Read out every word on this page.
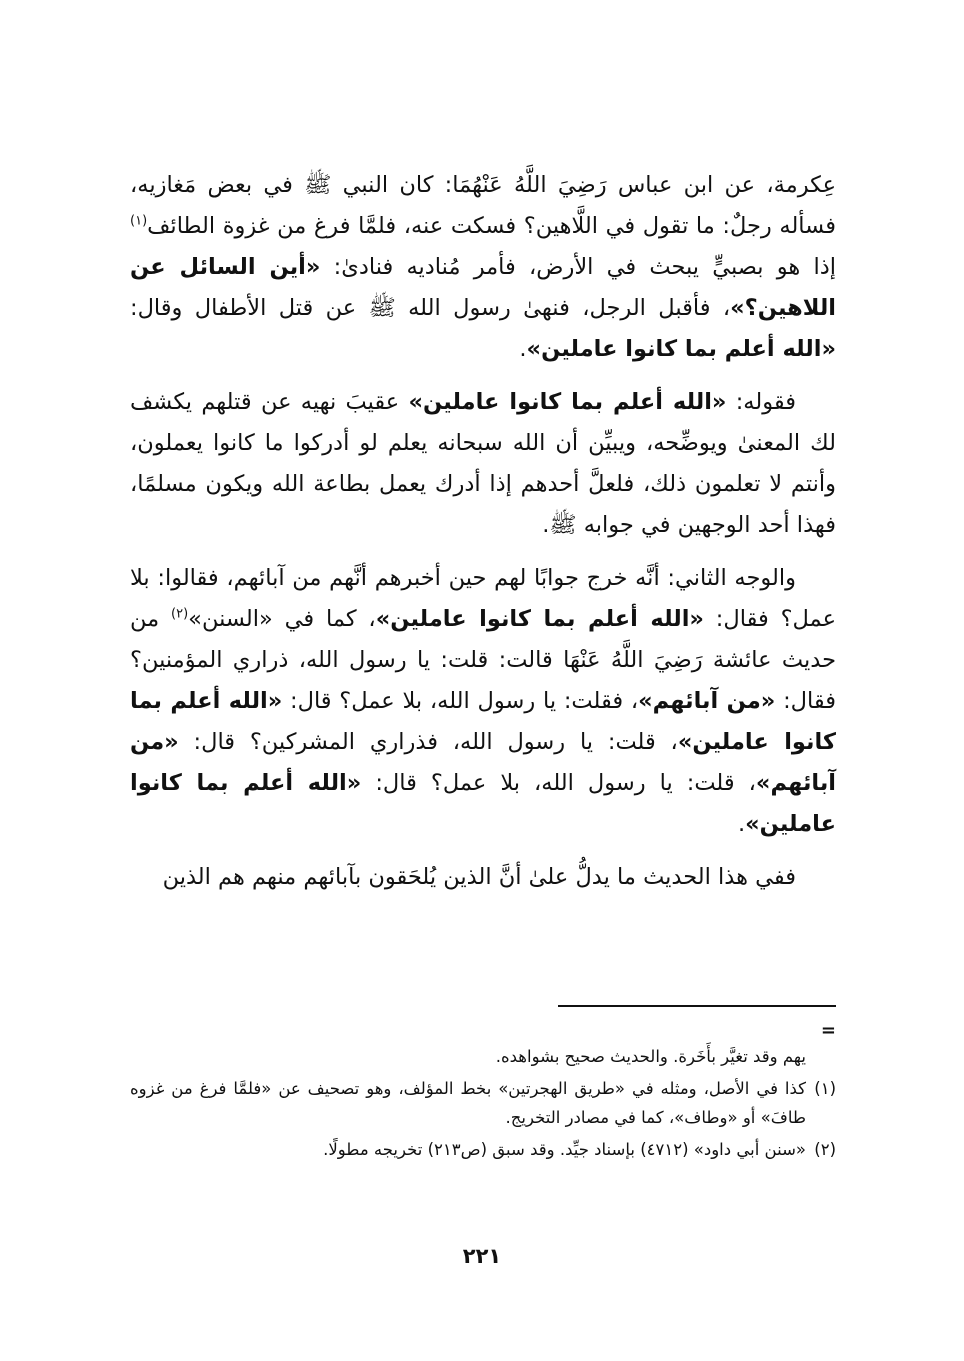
عِكرمة، عن ابن عباس رَضِيَ اللَّهُ عَنْهُمَا: كان النبي ﷺ في بعض مَغازيه، فسأله رجلٌ: ما تقول في اللَّاهين؟ فسكت عنه، فلمَّا فرغ من غزوة الطائف$^{(١)}$ إذا هو بصبيٍّ يبحث في الأرض، فأمر مُناديه فنادىٰ: «أين السائل عن اللاهين؟»، فأقبل الرجل، فنهىٰ رسول الله ﷺ عن قتل الأطفال وقال: «الله أعلم بما كانوا عاملين».

فقوله: «الله أعلم بما كانوا عاملين» عقيبَ نهيه عن قتلهم يكشف لك المعنىٰ ويوضِّحه، ويبيِّن أن الله سبحانه يعلم لو أدركوا ما كانوا يعملون، وأنتم لا تعلمون ذلك، فلعلَّ أحدهم إذا أدرك يعمل بطاعة الله ويكون مسلمًا، فهذا أحد الوجهين في جوابه ﷺ.

والوجه الثاني: أنَّه خرج جوابًا لهم حين أخبرهم أنَّهم من آبائهم، فقالوا: بلا عمل؟ فقال: «الله أعلم بما كانوا عاملين»، كما في «السنن»$^{(٢)}$ من حديث عائشة رَضِيَ اللَّهُ عَنْهَا قالت: قلت: يا رسول الله، ذراري المؤمنين؟ فقال: «من آبائهم»، فقلت: يا رسول الله، بلا عمل؟ قال: «الله أعلم بما كانوا عاملين»، قلت: يا رسول الله، فذراري المشركين؟ قال: «من آبائهم»، قلت: يا رسول الله، بلا عمل؟ قال: «الله أعلم بما كانوا عاملين».

ففي هذا الحديث ما يدلُّ علىٰ أنَّ الذين يُلحَقون بآبائهم منهم هم الذين

=

يهم وقد تغيَّر بأَخَرة. والحديث صحيح بشواهده.

(١)
كذا في الأصل، ومثله في «طريق الهجرتين» بخط المؤلف، وهو تصحيف عن «فلمَّا فرغ من غزوه طافَ» أو «وطاف»، كما في مصادر التخريج.

(٢)
«سنن أبي داود» (٤٧١٢) بإسناد جيِّد. وقد سبق (ص٢١٣) تخريجه مطولًا.

٢٢١
